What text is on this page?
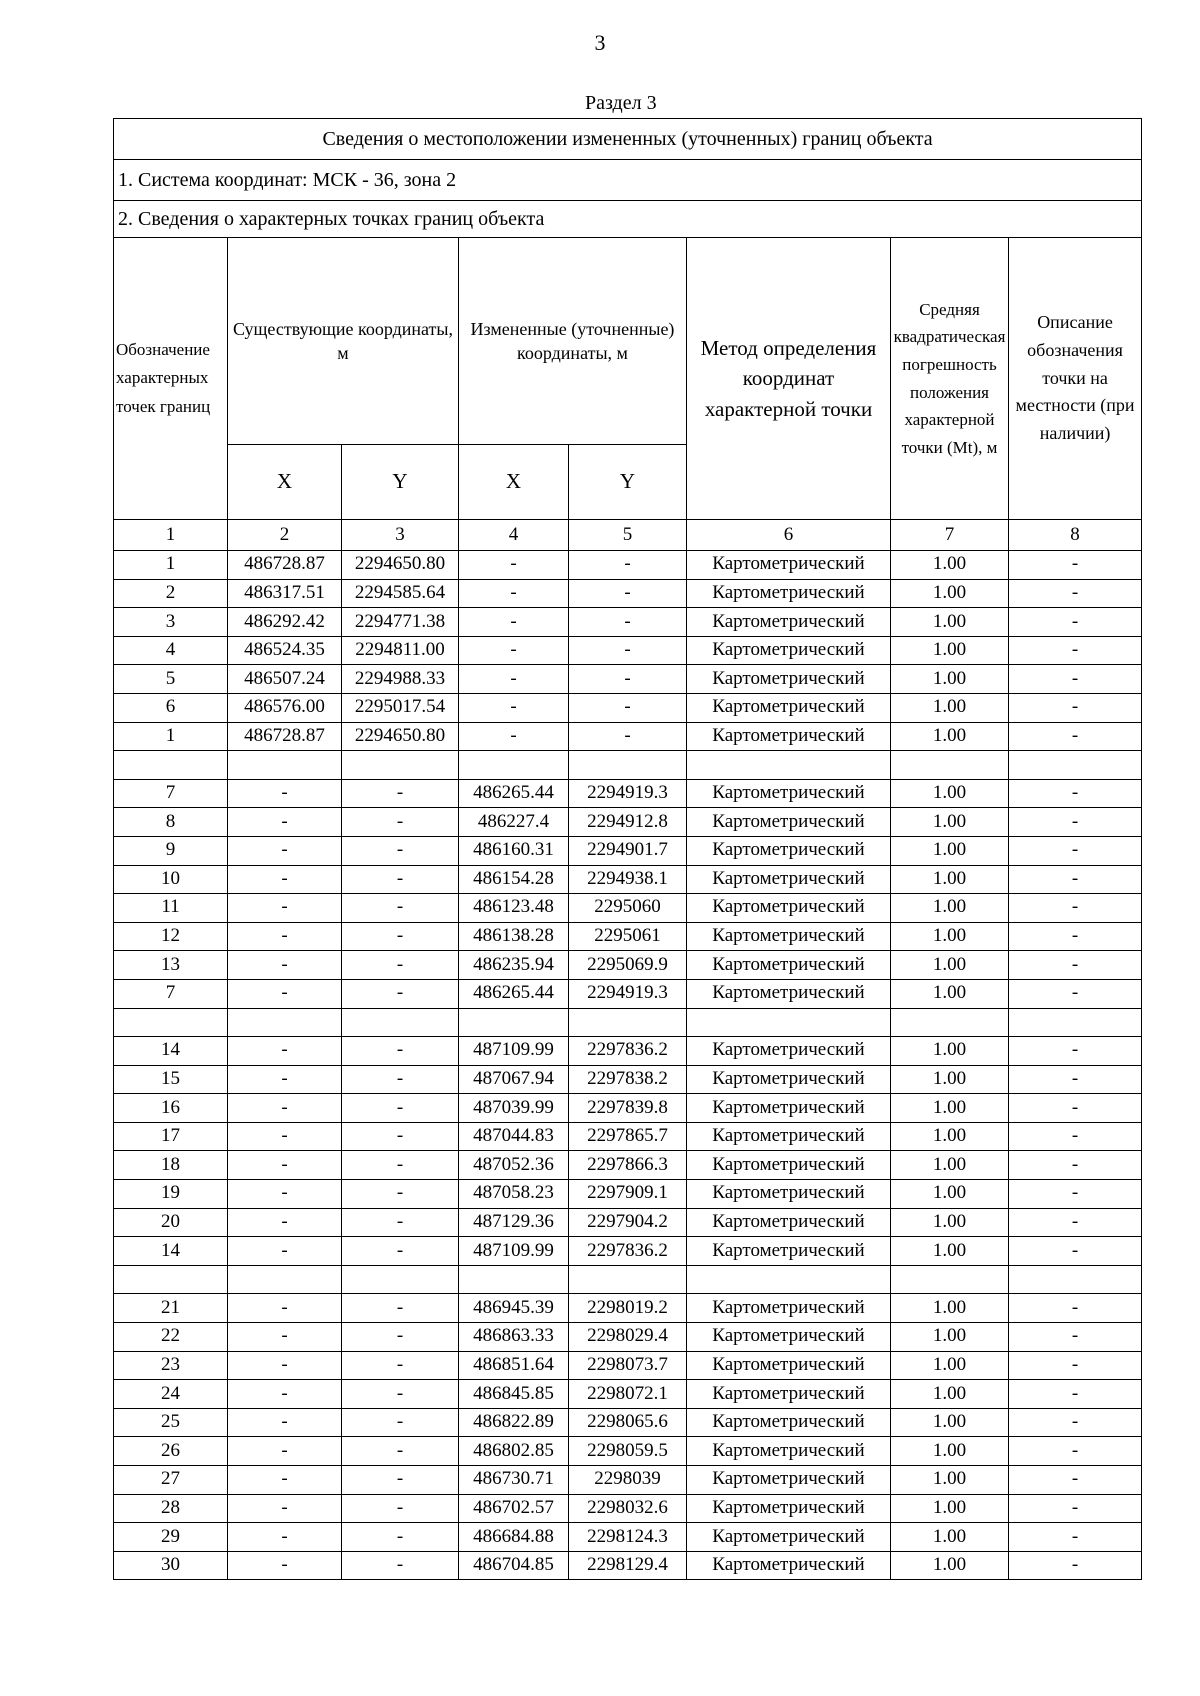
3
Раздел 3
Сведения о местоположении измененных (уточненных) границ объекта							
1. Система координат: МСК - 36, зона 2							
2. Сведения о характерных точках границ объекта							
Обозначение характерных точек границ	Существующие координаты, м		Измененные (уточненные) координаты, м		Метод определения координат характерной точки	Средняя квадратическая погрешность положения характерной точки (Mt), м	Описание обозначения точки на местности (при наличии)
	X	Y	X	Y			
1	2	3	4	5	6	7	8
1	486728.87	2294650.80	-	-	Картометрический	1.00	-
2	486317.51	2294585.64	-	-	Картометрический	1.00	-
3	486292.42	2294771.38	-	-	Картометрический	1.00	-
4	486524.35	2294811.00	-	-	Картометрический	1.00	-
5	486507.24	2294988.33	-	-	Картометрический	1.00	-
6	486576.00	2295017.54	-	-	Картометрический	1.00	-
1	486728.87	2294650.80	-	-	Картометрический	1.00	-

7	-	-	486265.44	2294919.3	Картометрический	1.00	-
8	-	-	486227.4	2294912.8	Картометрический	1.00	-
9	-	-	486160.31	2294901.7	Картометрический	1.00	-
10	-	-	486154.28	2294938.1	Картометрический	1.00	-
11	-	-	486123.48	2295060	Картометрический	1.00	-
12	-	-	486138.28	2295061	Картометрический	1.00	-
13	-	-	486235.94	2295069.9	Картометрический	1.00	-
7	-	-	486265.44	2294919.3	Картометрический	1.00	-

14	-	-	487109.99	2297836.2	Картометрический	1.00	-
15	-	-	487067.94	2297838.2	Картометрический	1.00	-
16	-	-	487039.99	2297839.8	Картометрический	1.00	-
17	-	-	487044.83	2297865.7	Картометрический	1.00	-
18	-	-	487052.36	2297866.3	Картометрический	1.00	-
19	-	-	487058.23	2297909.1	Картометрический	1.00	-
20	-	-	487129.36	2297904.2	Картометрический	1.00	-
14	-	-	487109.99	2297836.2	Картометрический	1.00	-

21	-	-	486945.39	2298019.2	Картометрический	1.00	-
22	-	-	486863.33	2298029.4	Картометрический	1.00	-
23	-	-	486851.64	2298073.7	Картометрический	1.00	-
24	-	-	486845.85	2298072.1	Картометрический	1.00	-
25	-	-	486822.89	2298065.6	Картометрический	1.00	-
26	-	-	486802.85	2298059.5	Картометрический	1.00	-
27	-	-	486730.71	2298039	Картометрический	1.00	-
28	-	-	486702.57	2298032.6	Картометрический	1.00	-
29	-	-	486684.88	2298124.3	Картометрический	1.00	-
30	-	-	486704.85	2298129.4	Картометрический	1.00	-
